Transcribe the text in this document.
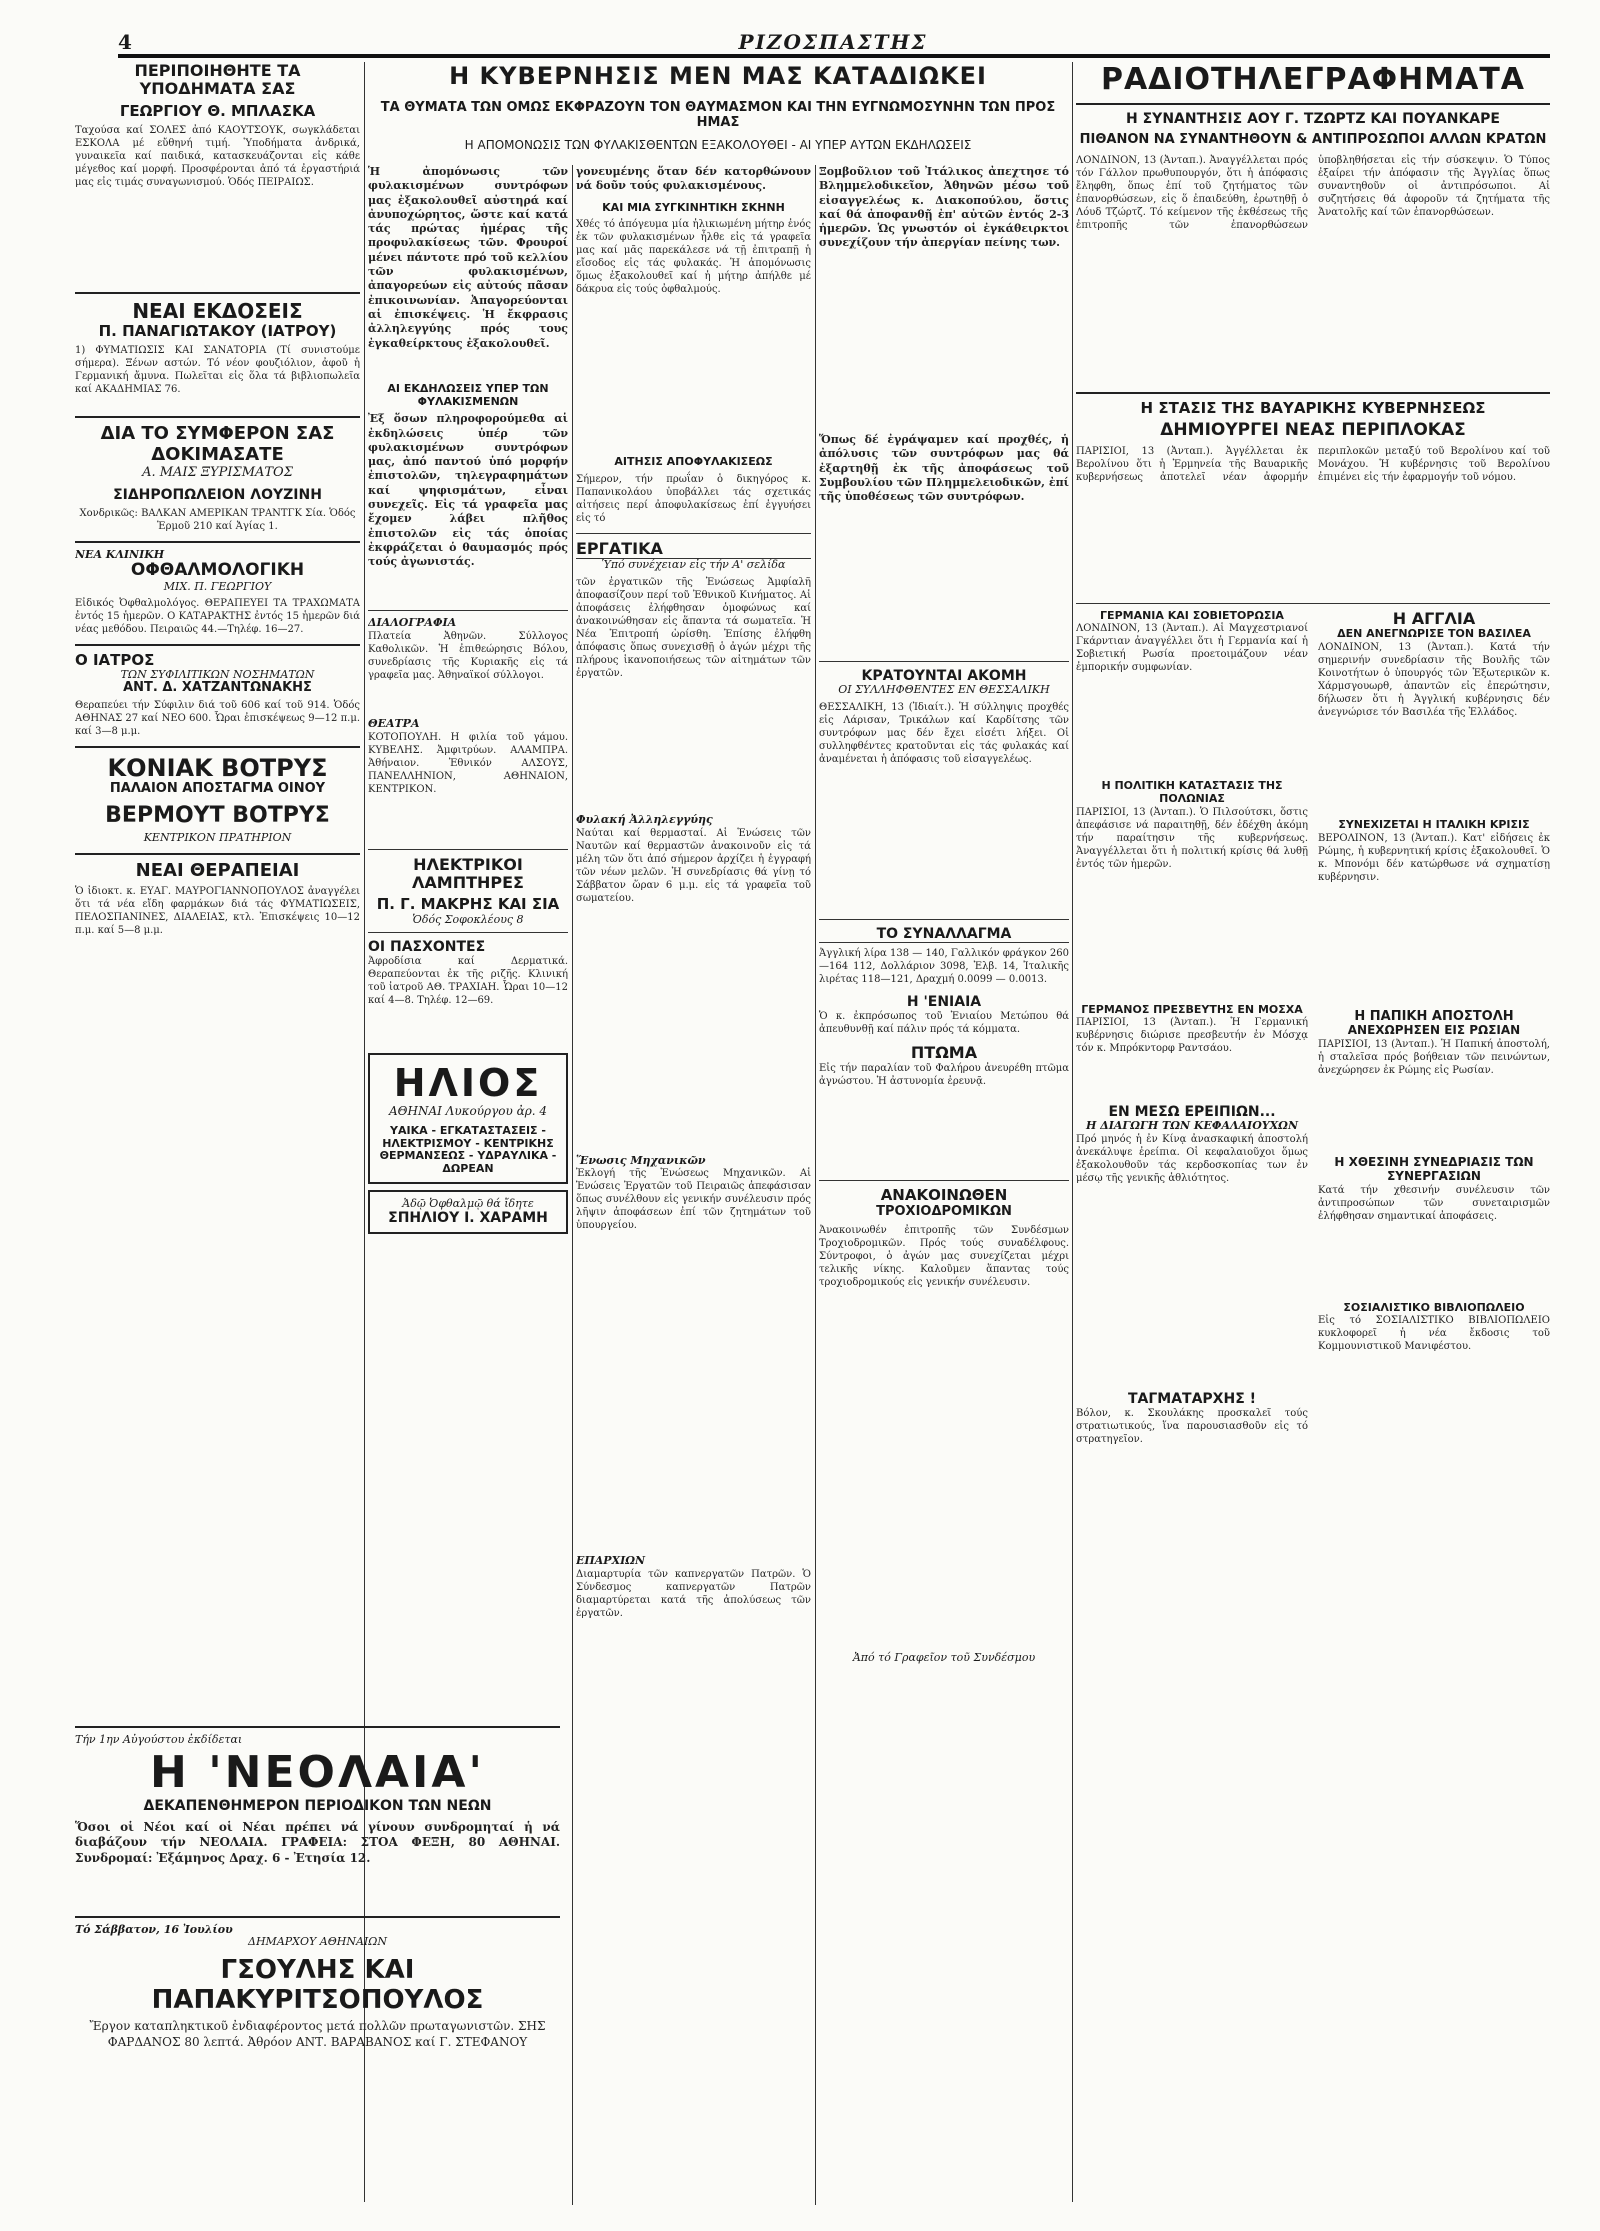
4	ΡΙΖΟΣΠΑΣΤΗΣ
ΠΕΡΙΠΟΙΗΘΗΤΕ ΤΑ ΥΠΟΔΗΜΑΤΑ ΣΑΣ
ΓΕΩΡΓΙΟΥ Θ. ΜΠΛΑΣΚΑ
Ταχούσα καί ΣΟΛΕΣ ἀπό ΚΑΟΥΤΣΟΥΚ, σωγκλάδεται ΕΣΚΟΛΑ μέ εὔθηνή τιμή. Ὑποδήματα ἀνδρικά, γυναικεῖα καί παιδικά, κατασκευάζονται εἰς κάθε μέγεθος καί μορφή. Προσφέρονται ἀπό τά ἐργαστήριά μας εἰς τιμάς συναγωνισμού. Ὁδός ΠΕΙΡΑΙΩΣ.
ΝΕΑΙ ΕΚΔΟΣΕΙΣ
Π. ΠΑΝΑΓΙΩΤΑΚΟΥ (ΙΑΤΡΟΥ)
1) ΦΥΜΑΤΙΩΣΙΣ ΚΑΙ ΣΑΝΑΤΟΡΙΑ (Τί συνιστούμε σήμερα). Ξένων αστών. Τό νέον φουζιόλιον, ἀφοῦ ἡ Γερμανική ἄμυνα. Πωλεῖται εἰς ὅλα τά βιβλιοπωλεῖα καί ΑΚΑΔΗΜΙΑΣ 76.
ΔΙΑ ΤΟ ΣΥΜΦΕΡΟΝ ΣΑΣ ΔΟΚΙΜΑΣΑΤΕ
Α. ΜΑΙΣ ΞΥΡΙΣΜΑΤΟΣ
ΣΙΔΗΡΟΠΩΛΕΙΟΝ ΛΟΥΖΙΝΗ
Χονδρικῶς: ΒΑΛΚΑΝ ΑΜΕΡΙΚΑΝ ΤΡΑΝΤΓΚ Σία. Ὁδός Ἑρμοῦ 210 καί Ἀγίας 1.
ΝΕΑ ΚΛΙΝΙΚΗ
ΟΦΘΑΛΜΟΛΟΓΙΚΗ
ΜΙΧ. Π. ΓΕΩΡΓΙΟΥ
Εἰδικός Ὀφθαλμολόγος. ΘΕΡΑΠΕΥΕΙ ΤΑ ΤΡΑΧΩΜΑΤΑ ἐντός 15 ἡμερῶν. Ο ΚΑΤΑΡΑΚΤΗΣ ἐντός 15 ἡμερῶν διά νέας μεθόδου. Πειραιῶς 44.—Τηλέφ. 16—27.
Ο ΙΑΤΡΟΣ
ΤΩΝ ΣΥΦΙΛΙΤΙΚΩΝ ΝΟΣΗΜΑΤΩΝ
ΑΝΤ. Δ. ΧΑΤΖΑΝΤΩΝΑΚΗΣ
Θεραπεύει τήν Σύφιλιν διά τοῦ 606 καί τοῦ 914. Ὁδός ΑΘΗΝΑΣ 27 καί ΝΕΟ 600. Ὧραι ἐπισκέψεως 9—12 π.μ. καί 3—8 μ.μ.
ΚΟΝΙΑΚ ΒΟΤΡΥΣ
ΠΑΛΑΙΟΝ ΑΠΟΣΤΑΓΜΑ ΟΙΝΟΥ
ΒΕΡΜΟΥΤ ΒΟΤΡΥΣ
ΚΕΝΤΡΙΚΟΝ ΠΡΑΤΗΡΙΟΝ
ΝΕΑΙ ΘΕΡΑΠΕΙΑΙ
Ὁ ἰδιοκτ. κ. ΕΥΑΓ. ΜΑΥΡΟΓΙΑΝΝΟΠΟΥΛΟΣ ἀναγγέλει ὅτι τά νέα εἴδη φαρμάκων διά τάς ΦΥΜΑΤΙΩΣΕΙΣ, ΠΕΛΟΣΠΑΝΙΝΕΣ, ΔΙΑΛΕΙΑΣ, κτλ. Ἐπισκέψεις 10—12 π.μ. καί 5—8 μ.μ.
Η ΚΥΒΕΡΝΗΣΙΣ ΜΕΝ ΜΑΣ ΚΑΤΑΔΙΩΚΕΙ
ΤΑ ΘΥΜΑΤΑ ΤΩΝ ΟΜΩΣ ΕΚΦΡΑΖΟΥΝ ΤΟΝ ΘΑΥΜΑΣΜΟΝ ΚΑΙ ΤΗΝ ΕΥΓΝΩΜΟΣΥΝΗΝ ΤΩΝ ΠΡΟΣ ΗΜΑΣ
Η ΑΠΟΜΟΝΩΣΙΣ ΤΩΝ ΦΥΛΑΚΙΣΘΕΝΤΩΝ ΕΞΑΚΟΛΟΥΘΕΙ - ΑΙ ΥΠΕΡ ΑΥΤΩΝ ΕΚΔΗΛΩΣΕΙΣ
Ἡ ἀπομόνωσις τῶν φυλακισμένων συντρόφων μας ἐξακολουθεῖ αὐστηρά καί ἀνυποχώρητος, ὥστε καί κατά τάς πρώτας ἡμέρας τῆς προφυλακίσεως τῶν. Φρουροί μένει πάντοτε πρό τοῦ κελλίου τῶν φυλακισμένων, ἀπαγορεύων εἰς αὐτούς πᾶσαν ἐπικοινωνίαν. Ἀπαγορεύονται αἱ ἐπισκέψεις. Ἡ ἔκφρασις ἀλληλεγγύης πρός τους ἐγκαθείρκτους ἐξακολουθεῖ.
ΑΙ ΕΚΔΗΛΩΣΕΙΣ ΥΠΕΡ ΤΩΝ ΦΥΛΑΚΙΣΜΕΝΩΝ
Ἐξ ὅσων πληροφορούμεθα αἱ ἐκδηλώσεις ὑπέρ τῶν φυλακισμένων συντρόφων μας, ἀπό παντού ὑπό μορφήν ἐπιστολῶν, τηλεγραφημάτων καί ψηφισμάτων, εἶναι συνεχεῖς. Εἰς τά γραφεῖα μας ἔχομεν λάβει πλῆθος ἐπιστολῶν εἰς τάς ὁποίας ἐκφράζεται ὁ θαυμασμός πρός τούς ἀγωνιστάς.
ΔΙΑΛΟΓΡΑΦΙΑ
Πλατεία Ἀθηνῶν. Σύλλογος Καθολικῶν. Ἡ ἐπιθεώρησις Βόλου, συνεδρίασις τῆς Κυριακῆς εἰς τά γραφεῖα μας. Ἀθηναϊκοί σύλλογοι.
ΘΕΑΤΡΑ
ΚΟΤΟΠΟΥΛΗ. Η φιλία τοῦ γάμου. ΚΥΒΕΛΗΣ. Ἀμφιτρύων. ΑΛΑΜΠΡΑ. Ἀθήναιον. Ἐθνικόν ΑΛΣΟΥΣ, ΠΑΝΕΛΛΗΝΙΟΝ, ΑΘΗΝΑΙΟΝ, ΚΕΝΤΡΙΚΟΝ.
ΗΛΕΚΤΡΙΚΟΙ ΛΑΜΠΤΗΡΕΣ
Π. Γ. ΜΑΚΡΗΣ ΚΑΙ ΣΙΑ
Ὁδός Σοφοκλέους 8
ΟΙ ΠΑΣΧΟΝΤΕΣ
Ἀφροδίσια καί Δερματικά. Θεραπεύονται ἐκ τῆς ριζῆς. Κλινική τοῦ ἰατροῦ ΑΘ. ΤΡΑΧΙΑΗ. Ὧραι 10—12 καί 4—8. Τηλέφ. 12—69.
ΗΛΙΟΣ
ΑΘΗΝΑΙ Λυκούργου ἀρ. 4
ΥΑΙΚΑ - ΕΓΚΑΤΑΣΤΑΣΕΙΣ - ΗΛΕΚΤΡΙΣΜΟΥ - ΚΕΝΤΡΙΚΗΣ ΘΕΡΜΑΝΣΕΩΣ - ΥΔΡΑΥΛΙΚΑ - ΔΩΡΕΑΝ
Ἀδῷ Ὀφθαλμῷ θά ἴδητε
ΣΠΗΛΙΟΥ Ι. ΧΑΡΑΜΗ
γονευμένης ὅταν δέν κατορθώνουν νά δοῦν τούς φυλακισμένους.
ΚΑΙ ΜΙΑ ΣΥΓΚΙΝΗΤΙΚΗ ΣΚΗΝΗ
Χθές τό ἀπόγευμα μία ἡλικιωμένη μήτηρ ἐνός ἐκ τῶν φυλακισμένων ἦλθε εἰς τά γραφεῖα μας καί μᾶς παρεκάλεσε νά τῇ ἐπιτραπῇ ἡ εἴσοδος εἰς τάς φυλακάς. Ἡ ἀπομόνωσις ὅμως ἐξακολουθεῖ καί ἡ μήτηρ ἀπήλθε μέ δάκρυα εἰς τούς ὀφθαλμούς.
ΑΙΤΗΣΙΣ ΑΠΟΦΥΛΑΚΙΣΕΩΣ
Σήμερον, τήν πρωΐαν ὁ δικηγόρος κ. Παπανικολάου ὑποβάλλει τάς σχετικάς αἰτήσεις περί ἀποφυλακίσεως ἐπί ἐγγυήσει εἰς τό
ΕΡΓΑΤΙΚΑ
Ὑπό συνέχειαν εἰς τήν Α' σελίδα
τῶν ἐργατικῶν τῆς Ἑνώσεως Ἀμφίαλῆ ἀποφασίζουν περί τοῦ Ἐθνικοῦ Κινήματος. Αἱ ἀποφάσεις ἐλήφθησαν ὁμοφώνως καί ἀνακοινώθησαν εἰς ἅπαντα τά σωματεῖα. Ἡ Νέα Ἐπιτροπή ὡρίσθη. Ἐπίσης ἐλήφθη ἀπόφασις ὅπως συνεχισθῇ ὁ ἀγών μέχρι τῆς πλήρους ἱκανοποιήσεως τῶν αἰτημάτων τῶν ἐργατῶν.
Φυλακή Ἀλληλεγγύης
Ναύται καί θερμασταί. Αἱ Ἑνώσεις τῶν Ναυτῶν καί θερμαστῶν ἀνακοινοῦν εἰς τά μέλη τῶν ὅτι ἀπό σήμερον ἀρχίζει ἡ ἐγγραφή τῶν νέων μελῶν. Ἡ συνεδρίασις θά γίνῃ τό Σάββατον ὥραν 6 μ.μ. εἰς τά γραφεῖα τοῦ σωματείου.
Ἕνωσις Μηχανικῶν
Ἐκλογή τῆς Ἑνώσεως Μηχανικῶν. Αἱ Ἑνώσεις Ἐργατῶν τοῦ Πειραιῶς ἀπεφάσισαν ὅπως συνέλθουν εἰς γενικήν συνέλευσιν πρός λῆψιν ἀποφάσεων ἐπί τῶν ζητημάτων τοῦ ὑπουργείου.
ΕΠΑΡΧΙΩΝ
Διαμαρτυρία τῶν καπνεργατῶν Πατρῶν. Ὁ Σύνδεσμος καπνεργατῶν Πατρῶν διαμαρτύρεται κατά τῆς ἀπολύσεως τῶν ἐργατῶν.
Ξομβοῦλιον τοῦ Ἰτάλικος ἀπεχτησε τό Βλημμελοδικεῖον, Ἀθηνῶν μέσω τοῦ εἰσαγγελέως κ. Διακοπούλου, ὅστις καί θά ἀποφανθῇ ἐπ' αὐτῶν ἐντός 2-3 ἡμερῶν. Ὡς γνωστόν οἱ ἐγκάθειρκτοι συνεχίζουν τήν ἀπεργίαν πείνης των.
Ὅπως δέ ἐγράψαμεν καί προχθές, ἡ ἀπόλυσις τῶν συντρόφων μας θά ἐξαρτηθῇ ἐκ τῆς ἀποφάσεως τοῦ Συμβουλίου τῶν Πλημμελειοδικῶν, ἐπί τῆς ὑποθέσεως τῶν συντρόφων.
ΚΡΑΤΟΥΝΤΑΙ ΑΚΟΜΗ
ΟΙ ΣΥΛΛΗΦΘΕΝΤΕΣ ΕΝ ΘΕΣΣΑΛΙΚΗ
ΘΕΣΣΑΛΙΚΗ, 13 (Ἰδιαίτ.). Ἡ σύλληψις προχθές εἰς Λάρισαν, Τρικάλων καί Καρδίτσης τῶν συντρόφων μας δέν ἔχει εἰσέτι λήξει. Οἱ συλληφθέντες κρατοῦνται εἰς τάς φυλακάς καί ἀναμένεται ἡ ἀπόφασις τοῦ εἰσαγγελέως.
ΤΟ ΣΥΝΑΛΛΑΓΜΑ
Ἀγγλική λίρα 138 — 140, Γαλλικόν φράγκον 260—164 112, Δολλάριον 3098, Ἐλβ. 14, Ἰταλικῆς λιρέτας 118—121, Δραχμή 0.0099 — 0.0013.
Η 'ΕΝΙΑΙΑ
Ὁ κ. ἐκπρόσωπος τοῦ Ἑνιαίου Μετώπου θά ἀπευθυνθῇ καί πάλιν πρός τά κόμματα.
ΠΤΩΜΑ
Εἰς τήν παραλίαν τοῦ Φαλήρου ἀνευρέθη πτῶμα ἀγνώστου. Ἡ ἀστυνομία ἐρευνᾷ.
ΑΝΑΚΟΙΝΩΘΕΝ
ΤΡΟΧΙΟΔΡΟΜΙΚΩΝ
Ἀνακοινωθέν ἐπιτροπῆς τῶν Συνδέσμων Τροχιοδρομικῶν. Πρός τούς συναδέλφους. Σύντροφοι, ὁ ἀγών μας συνεχίζεται μέχρι τελικῆς νίκης. Καλοῦμεν ἅπαντας τούς τροχιοδρομικούς εἰς γενικήν συνέλευσιν.
Ἀπό τό Γραφεῖον τοῦ Συνδέσμου
ΡΑΔΙΟΤΗΛΕΓΡΑΦΗΜΑΤΑ
Η ΣΥΝΑΝΤΗΣΙΣ ΑΟΥ Γ. ΤΖΩΡΤΖ ΚΑΙ ΠΟΥΑΝΚΑΡΕ
ΠΙΘΑΝΟΝ ΝΑ ΣΥΝΑΝΤΗΘΟΥΝ & ΑΝΤΙΠΡΟΣΩΠΟΙ ΑΛΛΩΝ ΚΡΑΤΩΝ
ΛΟΝΔΙΝΟΝ, 13 (Ἀνταπ.). Ἀναγγέλλεται πρός τόν Γάλλον πρωθυπουργόν, ὅτι ἡ ἀπόφασις ἔληφθη, ὅπως ἐπί τοῦ ζητήματος τῶν ἐπανορθώσεων, εἰς ὅ ἐπαιδεύθη, ἐρωτηθῇ ὁ Λόυδ Τζώρτζ. Τό κείμενον τῆς ἐκθέσεως τῆς ἐπιτροπῆς τῶν ἐπανορθώσεων ὑποβληθήσεται εἰς τήν σύσκεψιν. Ὁ Τύπος ἐξαίρει τήν ἀπόφασιν τῆς Ἀγγλίας ὅπως συναντηθοῦν οἱ ἀντιπρόσωποι. Αἱ συζητήσεις θά ἀφοροῦν τά ζητήματα τῆς Ἀνατολῆς καί τῶν ἐπανορθώσεων.
Η ΣΤΑΣΙΣ ΤΗΣ ΒΑΥΑΡΙΚΗΣ ΚΥΒΕΡΝΗΣΕΩΣ
ΔΗΜΙΟΥΡΓΕΙ ΝΕΑΣ ΠΕΡΙΠΛΟΚΑΣ
ΠΑΡΙΣΙΟΙ, 13 (Ἀνταπ.). Ἀγγέλλεται ἐκ Βερολίνου ὅτι ἡ Ἐρμηνεία τῆς Βαυαρικῆς κυβερνήσεως ἀποτελεῖ νέαν ἀφορμήν περιπλοκῶν μεταξύ τοῦ Βερολίνου καί τοῦ Μονάχου. Ἡ κυβέρνησις τοῦ Βερολίνου ἐπιμένει εἰς τήν ἐφαρμογήν τοῦ νόμου.
ΓΕΡΜΑΝΙΑ ΚΑΙ ΣΟΒΙΕΤΟΡΩΣΙΑ
ΛΟΝΔΙΝΟΝ, 13 (Ἀνταπ.). Αἱ Μαγχεστριανοί Γκάρντιαν ἀναγγέλλει ὅτι ἡ Γερμανία καί ἡ Σοβιετική Ρωσία προετοιμάζουν νέαν ἐμπορικήν συμφωνίαν.
Η ΠΟΛΙΤΙΚΗ ΚΑΤΑΣΤΑΣΙΣ ΤΗΣ ΠΟΛΩΝΙΑΣ
ΠΑΡΙΣΙΟΙ, 13 (Ἀνταπ.). Ὁ Πιλσούτσκι, ὅστις ἀπεφάσισε νά παραιτηθῇ, δέν ἐδέχθη ἀκόμη τήν παραίτησιν τῆς κυβερνήσεως. Ἀναγγέλλεται ὅτι ἡ πολιτική κρίσις θά λυθῇ ἐντός τῶν ἡμερῶν.
ΓΕΡΜΑΝΟΣ ΠΡΕΣΒΕΥΤΗΣ ΕΝ ΜΟΣΧΑ
ΠΑΡΙΣΙΟΙ, 13 (Ἀνταπ.). Ἡ Γερμανική κυβέρνησις διώρισε πρεσβευτήν ἐν Μόσχᾳ τόν κ. Μπρόκντορφ Ραντσάου.
ΕΝ ΜΕΣΩ ΕΡΕΙΠΙΩΝ...
Η ΔΙΑΓΩΓΗ ΤΩΝ ΚΕΦΑΛΑΙΟΥΧΩΝ
Πρό μηνός ἡ ἐν Κίνᾳ ἀνασκαφική ἀποστολή ἀνεκάλυψε ἐρείπια. Οἱ κεφαλαιοῦχοι ὅμως ἐξακολουθοῦν τάς κερδοσκοπίας των ἐν μέσῳ τῆς γενικῆς ἀθλιότητος.
ΤΑΓΜΑΤΑΡΧΗΣ !
Βόλον, κ. Σκουλάκης προσκαλεῖ τούς στρατιωτικούς, ἵνα παρουσιασθοῦν εἰς τό στρατηγεῖον.
Η ΑΓΓΛΙΑ
ΔΕΝ ΑΝΕΓΝΩΡΙΣΕ ΤΟΝ ΒΑΣΙΛΕΑ
ΛΟΝΔΙΝΟΝ, 13 (Ἀνταπ.). Κατά τήν σημερινήν συνεδρίασιν τῆς Βουλῆς τῶν Κοινοτήτων ὁ ὑπουργός τῶν Ἐξωτερικῶν κ. Χάρμσγουωρθ, ἀπαντῶν εἰς ἐπερώτησιν, δήλωσεν ὅτι ἡ Ἀγγλική κυβέρνησις δέν ἀνεγνώρισε τόν Βασιλέα τῆς Ἑλλάδος.
ΣΥΝΕΧΙΖΕΤΑΙ Η ΙΤΑΛΙΚΗ ΚΡΙΣΙΣ
ΒΕΡΟΛΙΝΟΝ, 13 (Ἀνταπ.). Κατ' εἰδήσεις ἐκ Ρώμης, ἡ κυβερνητική κρίσις ἐξακολουθεῖ. Ὁ κ. Μπονόμι δέν κατώρθωσε νά σχηματίσῃ κυβέρνησιν.
Η ΠΑΠΙΚΗ ΑΠΟΣΤΟΛΗ
ΑΝΕΧΩΡΗΣΕΝ ΕΙΣ ΡΩΣΙΑΝ
ΠΑΡΙΣΙΟΙ, 13 (Ἀνταπ.). Ἡ Παπική ἀποστολή, ἡ σταλεῖσα πρός βοήθειαν τῶν πεινώντων, ἀνεχώρησεν ἐκ Ρώμης εἰς Ρωσίαν.
Η ΧΘΕΣΙΝΗ ΣΥΝΕΔΡΙΑΣΙΣ ΤΩΝ ΣΥΝΕΡΓΑΣΙΩΝ
Κατά τήν χθεσινήν συνέλευσιν τῶν ἀντιπροσώπων τῶν συνεταιρισμῶν ἐλήφθησαν σημαντικαί ἀποφάσεις.
ΣΟΣΙΑΛΙΣΤΙΚΟ ΒΙΒΛΙΟΠΩΛΕΙΟ
Εἰς τό ΣΟΣΙΑΛΙΣΤΙΚΟ ΒΙΒΛΙΟΠΩΛΕΙΟ κυκλοφορεῖ ἡ νέα ἔκδοσις τοῦ Κομμουνιστικοῦ Μανιφέστου.
Τήν 1ην Αὐγούστου ἐκδίδεται
Η 'ΝΕΟΛΑΙΑ'
ΔΕΚΑΠΕΝΘΗΜΕΡΟΝ ΠΕΡΙΟΔΙΚΟΝ ΤΩΝ ΝΕΩΝ
Ὅσοι οἱ Νέοι καί οἱ Νέαι πρέπει νά γίνουν συνδρομηταί ἡ νά διαβάζουν τήν ΝΕΟΛΑΙΑ. ΓΡΑΦΕΙΑ: ΣΤΟΑ ΦΕΞΗ, 80 ΑΘΗΝΑΙ. Συνδρομαί: Ἐξάμηνος Δραχ. 6 - Ἐτησία 12.
Τό Σάββατον, 16 Ἰουλίου
ΔΗΜΑΡΧΟΥ ΑΘΗΝΑΙΩΝ
ΓΣΟΥΛΗΣ ΚΑΙ ΠΑΠΑΚΥΡΙΤΣΟΠΟΥΛΟΣ
Ἔργον καταπληκτικοῦ ἐνδιαφέροντος μετά πολλῶν πρωταγωνιστῶν. ΣΗΣ ΦΑΡΔΑΝΟΣ 80 λεπτά. Ἀθρόον ΑΝΤ. ΒΑΡΑΒΑΝΟΣ καί Γ. ΣΤΕΦΑΝΟΥ
